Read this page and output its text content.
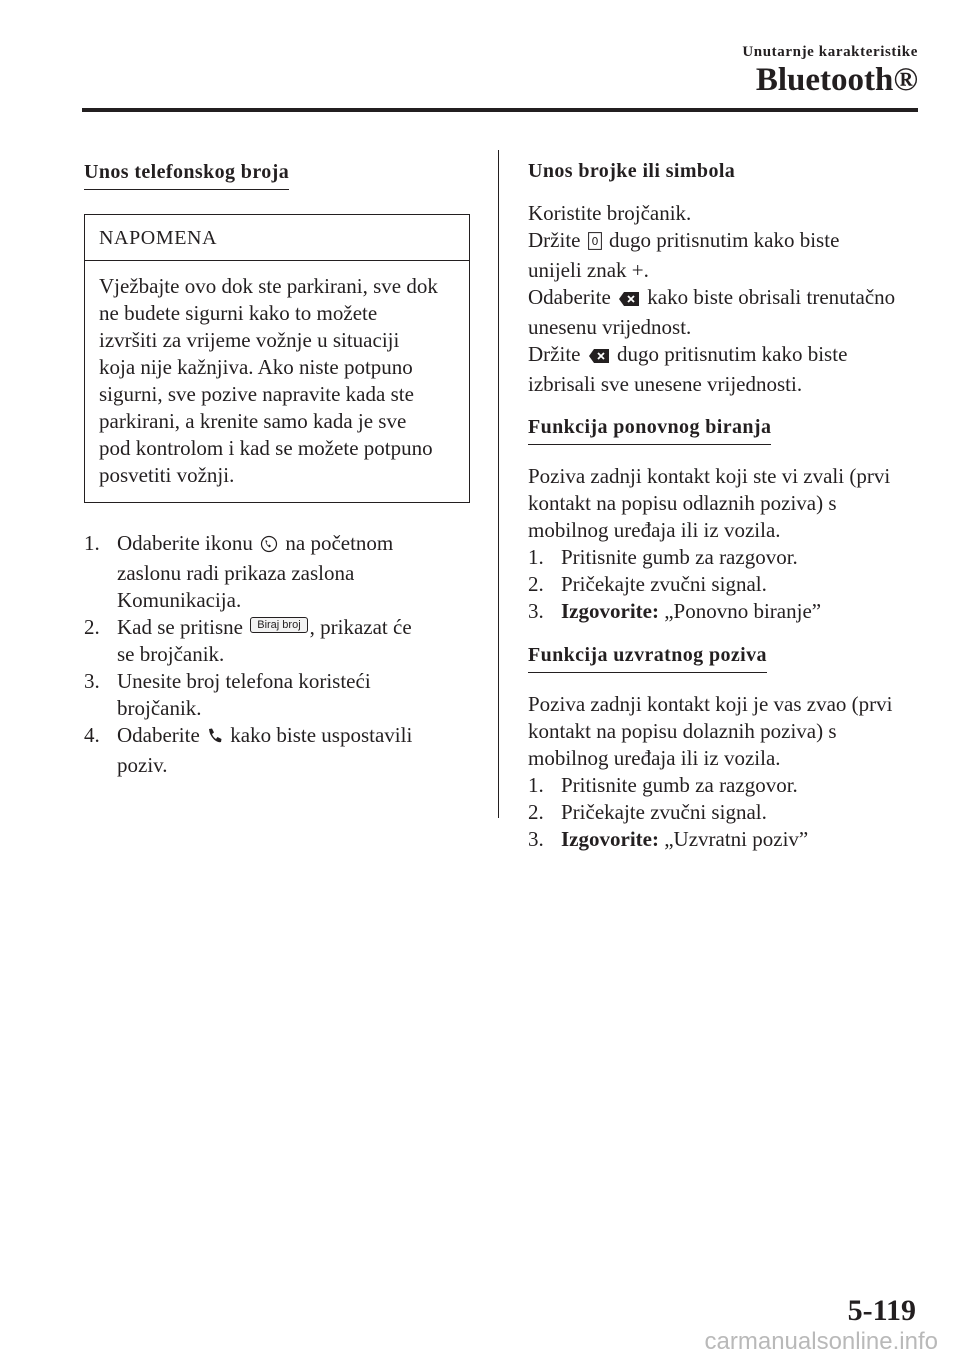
Unutarnje karakteristike
Bluetooth®
Unos telefonskog broja
NAPOMENA
Vježbajte ovo dok ste parkirani, sve dok
ne budete sigurni kako to možete
izvršiti za vrijeme vožnje u situaciji
koja nije kažnjiva. Ako niste potpuno
sigurni, sve pozive napravite kada ste
parkirani, a krenite samo kada je sve
pod kontrolom i kad se možete potpuno
posvetiti vožnji.
1. Odaberite ikonu na početnom
zaslonu radi prikaza zaslona
Komunikacija.
2. Kad se pritisne Biraj broj , prikazat će
se brojčanik.
3. Unesite broj telefona koristeći
brojčanik.
4. Odaberite kako biste uspostavili
poziv.
Unos brojke ili simbola
Koristite brojčanik.
Držite 0 dugo pritisnutim kako biste
unijeli znak +.
Odaberite kako biste obrisali trenutačno
unesenu vrijednost.
Držite dugo pritisnutim kako biste
izbrisali sve unesene vrijednosti.
Funkcija ponovnog biranja
Poziva zadnji kontakt koji ste vi zvali (prvi
kontakt na popisu odlaznih poziva) s
mobilnog uređaja ili iz vozila.
1. Pritisnite gumb za razgovor.
2. Pričekajte zvučni signal.
3. Izgovorite: „Ponovno biranje”
Funkcija uzvratnog poziva
Poziva zadnji kontakt koji je vas zvao (prvi
kontakt na popisu dolaznih poziva) s
mobilnog uređaja ili iz vozila.
1. Pritisnite gumb za razgovor.
2. Pričekajte zvučni signal.
3. Izgovorite: „Uzvratni poziv”
5-119
carmanualsonline.info
